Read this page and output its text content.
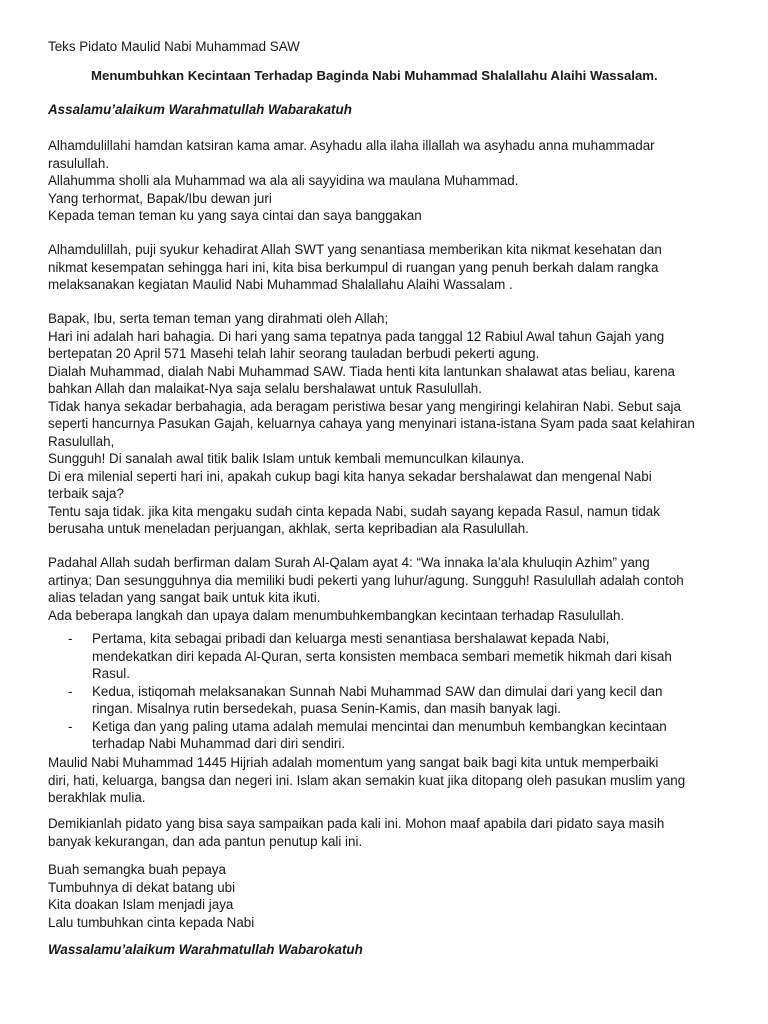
Teks Pidato Maulid Nabi Muhammad SAW
Menumbuhkan Kecintaan Terhadap Baginda Nabi Muhammad Shalallahu Alaihi Wassalam.
Assalamu’alaikum Warahmatullah Wabarakatuh
Alhamdulillahi hamdan katsiran kama amar. Asyhadu alla ilaha illallah wa asyhadu anna muhammadar
rasulullah.
Allahumma sholli ala Muhammad wa ala ali sayyidina wa maulana Muhammad.
Yang terhormat, Bapak/Ibu dewan juri
Kepada teman teman ku yang saya cintai dan saya banggakan
Alhamdulillah, puji syukur kehadirat Allah SWT yang senantiasa memberikan kita nikmat kesehatan dan
nikmat kesempatan sehingga hari ini, kita bisa berkumpul di ruangan yang penuh berkah dalam rangka
melaksanakan kegiatan Maulid Nabi Muhammad Shalallahu Alaihi Wassalam .
Bapak, Ibu, serta teman teman yang dirahmati oleh Allah;
Hari ini adalah hari bahagia. Di hari yang sama tepatnya pada tanggal 12 Rabiul Awal tahun Gajah yang
bertepatan 20 April 571 Masehi telah lahir seorang tauladan berbudi pekerti agung.
Dialah Muhammad, dialah Nabi Muhammad SAW. Tiada henti kita lantunkan shalawat atas beliau, karena
bahkan Allah dan malaikat-Nya saja selalu bershalawat untuk Rasulullah.
Tidak hanya sekadar berbahagia, ada beragam peristiwa besar yang mengiringi kelahiran Nabi. Sebut saja
seperti hancurnya Pasukan Gajah, keluarnya cahaya yang menyinari istana-istana Syam pada saat kelahiran
Rasulullah,
Sungguh! Di sanalah awal titik balik Islam untuk kembali memunculkan kilaunya.
Di era milenial seperti hari ini, apakah cukup bagi kita hanya sekadar bershalawat dan mengenal Nabi
terbaik saja?
Tentu saja tidak. jika kita mengaku sudah cinta kepada Nabi, sudah sayang kepada Rasul, namun tidak
berusaha untuk meneladan perjuangan, akhlak, serta kepribadian ala Rasulullah.
Padahal Allah sudah berfirman dalam Surah Al-Qalam ayat 4: “Wa innaka la’ala khuluqin Azhim” yang
artinya; Dan sesungguhnya dia memiliki budi pekerti yang luhur/agung. Sungguh! Rasulullah adalah contoh
alias teladan yang sangat baik untuk kita ikuti.
Ada beberapa langkah dan upaya dalam menumbuhkembangkan kecintaan terhadap Rasulullah.
- Pertama, kita sebagai pribadi dan keluarga mesti senantiasa bershalawat kepada Nabi,
mendekatkan diri kepada Al-Quran, serta konsisten membaca sembari memetik hikmah dari kisah
Rasul.
- Kedua, istiqomah melaksanakan Sunnah Nabi Muhammad SAW dan dimulai dari yang kecil dan
ringan. Misalnya rutin bersedekah, puasa Senin-Kamis, dan masih banyak lagi.
- Ketiga dan yang paling utama adalah memulai mencintai dan menumbuh kembangkan kecintaan
terhadap Nabi Muhammad dari diri sendiri.
Maulid Nabi Muhammad 1445 Hijriah adalah momentum yang sangat baik bagi kita untuk memperbaiki
diri, hati, keluarga, bangsa dan negeri ini. Islam akan semakin kuat jika ditopang oleh pasukan muslim yang
berakhlak mulia.
Demikianlah pidato yang bisa saya sampaikan pada kali ini. Mohon maaf apabila dari pidato saya masih
banyak kekurangan, dan ada pantun penutup kali ini.
Buah semangka buah pepaya
Tumbuhnya di dekat batang ubi
Kita doakan Islam menjadi jaya
Lalu tumbuhkan cinta kepada Nabi
Wassalamu’alaikum Warahmatullah Wabarokatuh
